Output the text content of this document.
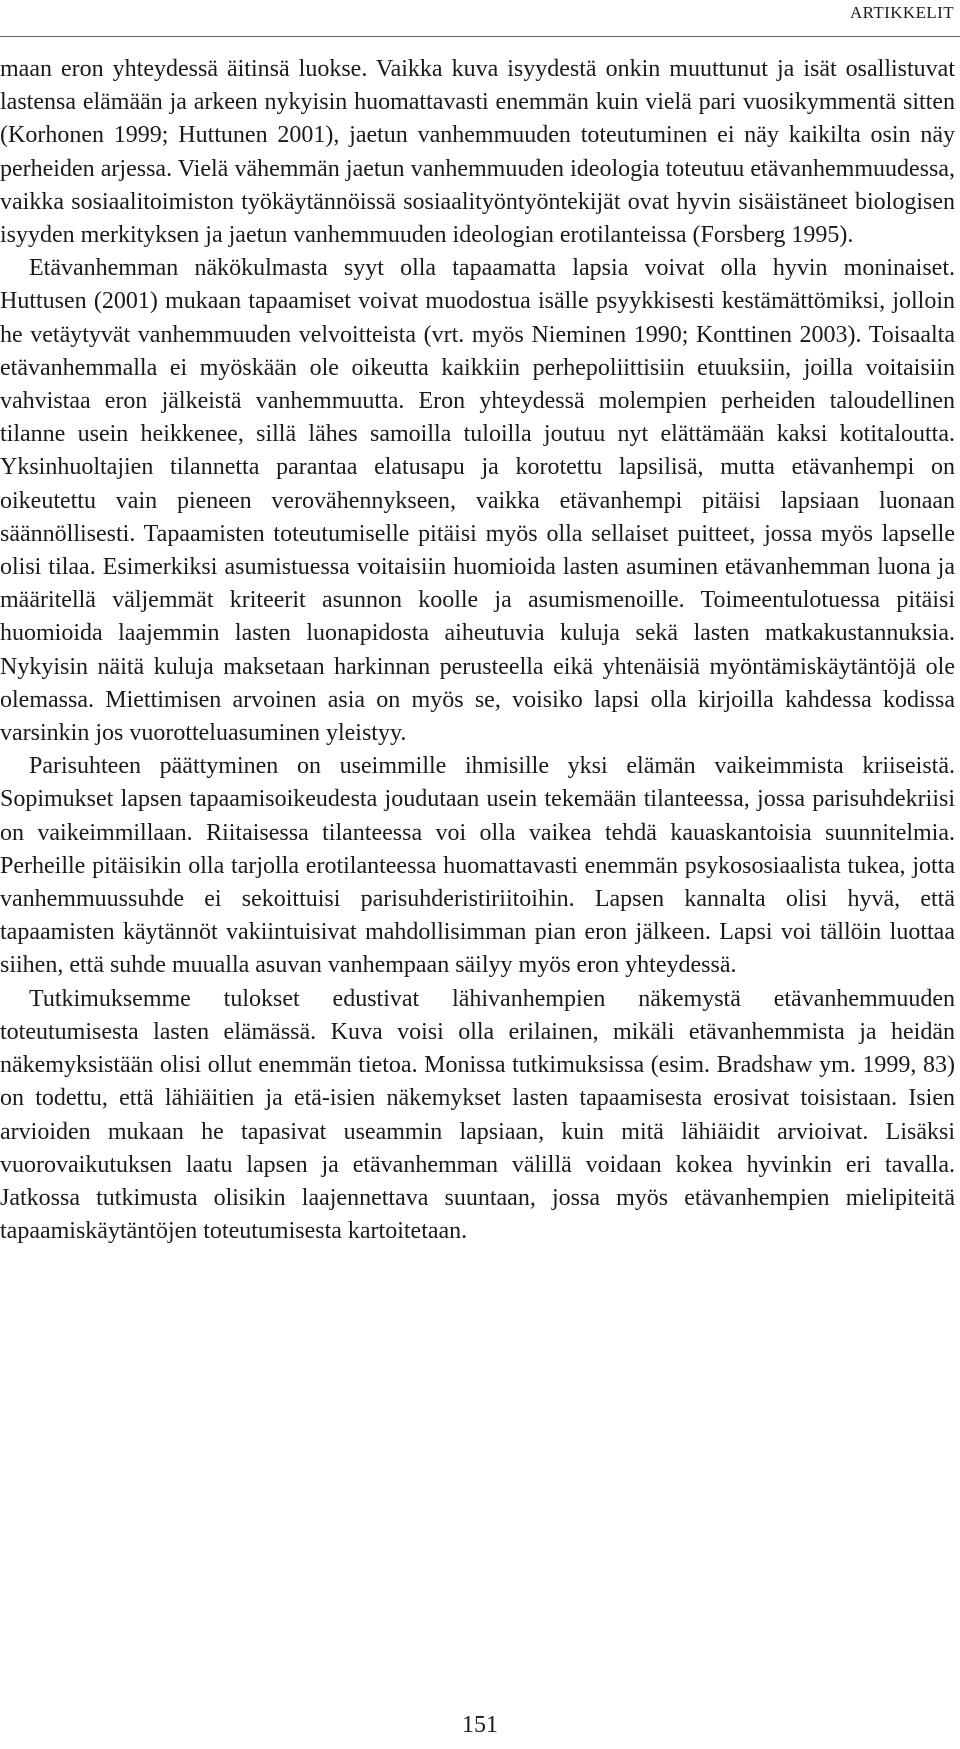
ARTIKKELIT

maan eron yhteydessä äitinsä luokse. Vaikka kuva isyydestä onkin muuttunut ja isät osallistuvat lastensa elämään ja arkeen nykyisin huomattavasti enemmän kuin vielä pari vuosikymmentä sitten (Korhonen 1999; Huttunen 2001), jaetun vanhemmuuden toteutuminen ei näy kaikilta osin näy perheiden arjessa. Vielä vähemmän jaetun vanhemmuuden ideologia toteutuu etävanhemmuudessa, vaikka sosiaalitoimiston työkäytännöissä sosiaalityöntyöntekijät ovat hyvin sisäistäneet biologisen isyyden merkityksen ja jaetun vanhemmuuden ideologian erotilanteissa (Forsberg 1995).

Etävanhemman näkökulmasta syyt olla tapaamatta lapsia voivat olla hyvin moninaiset. Huttusen (2001) mukaan tapaamiset voivat muodostua isälle psyykkisesti kestämättömiksi, jolloin he vetäytyvät vanhemmuuden velvoitteista (vrt. myös Nieminen 1990; Konttinen 2003). Toisaalta etävanhemmalla ei myöskään ole oikeutta kaikkiin perhepoliittisiin etuuksiin, joilla voitaisiin vahvistaa eron jälkeistä vanhemmuutta. Eron yhteydessä molempien perheiden taloudellinen tilanne usein heikkenee, sillä lähes samoilla tuloilla joutuu nyt elättämään kaksi kotitaloutta. Yksinhuoltajien tilannetta parantaa elatusapu ja korotettu lapsilisä, mutta etävanhempi on oikeutettu vain pieneen verovähennykseen, vaikka etävanhempi pitäisi lapsiaan luonaan säännöllisesti. Tapaamisten toteutumiselle pitäisi myös olla sellaiset puitteet, jossa myös lapselle olisi tilaa. Esimerkiksi asumistuessa voitaisiin huomioida lasten asuminen etävanhemman luona ja määritellä väljemmät kriteerit asunnon koolle ja asumismenoille. Toimeentulotuessa pitäisi huomioida laajemmin lasten luonapidosta aiheutuvia kuluja sekä lasten matkakustannuksia. Nykyisin näitä kuluja maksetaan harkinnan perusteella eikä yhtenäisiä myöntämiskäytäntöjä ole olemassa. Miettimisen arvoinen asia on myös se, voisiko lapsi olla kirjoilla kahdessa kodissa varsinkin jos vuorotteluasuminen yleistyy.

Parisuhteen päättyminen on useimmille ihmisille yksi elämän vaikeimmista kriiseistä. Sopimukset lapsen tapaamisoikeudesta joudutaan usein tekemään tilanteessa, jossa parisuhdekriisi on vaikeimmillaan. Riitaisessa tilanteessa voi olla vaikea tehdä kauaskantoisia suunnitelmia. Perheille pitäisikin olla tarjolla erotilanteessa huomattavasti enemmän psykososiaalista tukea, jotta vanhemmuussuhde ei sekoittuisi parisuhderistiriitoihin. Lapsen kannalta olisi hyvä, että tapaamisten käytännöt vakiintuisivat mahdollisimman pian eron jälkeen. Lapsi voi tällöin luottaa siihen, että suhde muualla asuvan vanhempaan säilyy myös eron yhteydessä.

Tutkimuksemme tulokset edustivat lähivanhempien näkemystä etävanhemmuuden toteutumisesta lasten elämässä. Kuva voisi olla erilainen, mikäli etävanhemmista ja heidän näkemyksistään olisi ollut enemmän tietoa. Monissa tutkimuksissa (esim. Bradshaw ym. 1999, 83) on todettu, että lähiäitien ja etä-isien näkemykset lasten tapaamisesta erosivat toisistaan. Isien arvioiden mukaan he tapasivat useammin lapsiaan, kuin mitä lähiäidit arvioivat. Lisäksi vuorovaikutuksen laatu lapsen ja etävanhemman välillä voidaan kokea hyvinkin eri tavalla. Jatkossa tutkimusta olisikin laajennettava suuntaan, jossa myös etävanhempien mielipiteitä tapaamiskäytäntöjen toteutumisesta kartoitetaan.

151
